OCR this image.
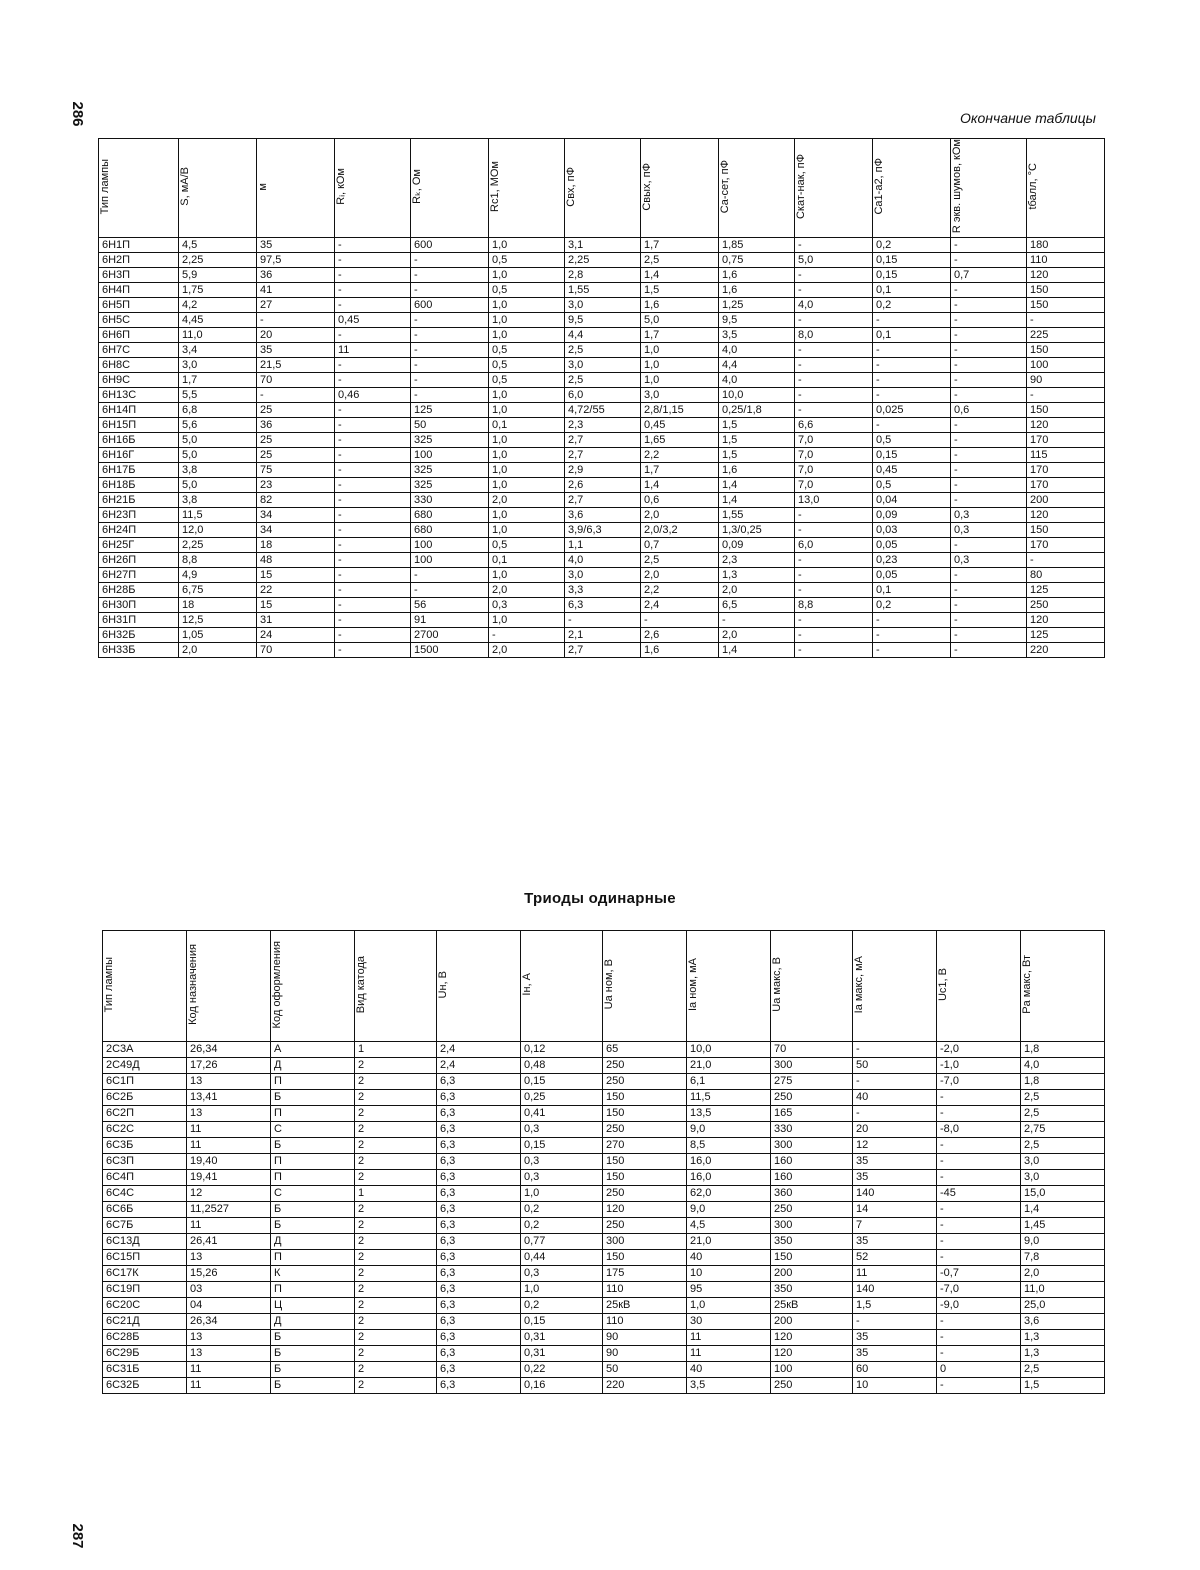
286	Окончание таблицы
Тип лампы	S, мА/В	м	Rᵢ, кОм	Rₖ, Ом	Rс1, МОм	Cвх, пФ	Cвых, пФ	Cа-сет, пФ	Cкат-нак, пФ	Cа1-а2, пФ	R экв. шумов, кОм	tбалл, °С
6Н1П	4,5	35	-	600	1,0	3,1	1,7	1,85	-	0,2	-	180
6Н2П	2,25	97,5	-	-	0,5	2,25	2,5	0,75	5,0	0,15	-	110
6Н3П	5,9	36	-	-	1,0	2,8	1,4	1,6	-	0,15	0,7	120
6Н4П	1,75	41	-	-	0,5	1,55	1,5	1,6	-	0,1	-	150
6Н5П	4,2	27	-	600	1,0	3,0	1,6	1,25	4,0	0,2	-	150
6Н5С	4,45	-	0,45	-	1,0	9,5	5,0	9,5	-	-	-	-
6Н6П	11,0	20	-	-	1,0	4,4	1,7	3,5	8,0	0,1	-	225
6Н7С	3,4	35	11	-	0,5	2,5	1,0	4,0	-	-	-	150
6Н8С	3,0	21,5	-	-	0,5	3,0	1,0	4,4	-	-	-	100
6Н9С	1,7	70	-	-	0,5	2,5	1,0	4,0	-	-	-	90
6Н13С	5,5	-	0,46	-	1,0	6,0	3,0	10,0	-	-	-	-
6Н14П	6,8	25	-	125	1,0	4,72/55	2,8/1,15	0,25/1,8	-	0,025	0,6	150
6Н15П	5,6	36	-	50	0,1	2,3	0,45	1,5	6,6	-	-	120
6Н16Б	5,0	25	-	325	1,0	2,7	1,65	1,5	7,0	0,5	-	170
6Н16Г	5,0	25	-	100	1,0	2,7	2,2	1,5	7,0	0,15	-	115
6Н17Б	3,8	75	-	325	1,0	2,9	1,7	1,6	7,0	0,45	-	170
6Н18Б	5,0	23	-	325	1,0	2,6	1,4	1,4	7,0	0,5	-	170
6Н21Б	3,8	82	-	330	2,0	2,7	0,6	1,4	13,0	0,04	-	200
6Н23П	11,5	34	-	680	1,0	3,6	2,0	1,55	-	0,09	0,3	120
6Н24П	12,0	34	-	680	1,0	3,9/6,3	2,0/3,2	1,3/0,25	-	0,03	0,3	150
6Н25Г	2,25	18	-	100	0,5	1,1	0,7	0,09	6,0	0,05	-	170
6Н26П	8,8	48	-	100	0,1	4,0	2,5	2,3	-	0,23	0,3	-
6Н27П	4,9	15	-	-	1,0	3,0	2,0	1,3	-	0,05	-	80
6Н28Б	6,75	22	-	-	2,0	3,3	2,2	2,0	-	0,1	-	125
6Н30П	18	15	-	56	0,3	6,3	2,4	6,5	8,8	0,2	-	250
6Н31П	12,5	31	-	91	1,0	-	-	-	-	-	-	120
6Н32Б	1,05	24	-	2700	-	2,1	2,6	2,0	-	-	-	125
6Н33Б	2,0	70	-	1500	2,0	2,7	1,6	1,4	-	-	-	220
Триоды одинарные
Тип лампы	Код назначения	Код оформления	Вид катода	Uн, В	Iн, А	Uа ном, В	Iа ном, мА	Uа макс, В	Iа макс, мА	Uс1, В	Pа макс, Вт
2С3А	26,34	А	1	2,4	0,12	65	10,0	70	-	-2,0	1,8
2С49Д	17,26	Д	2	2,4	0,48	250	21,0	300	50	-1,0	4,0
6С1П	13	П	2	6,3	0,15	250	6,1	275	-	-7,0	1,8
6С2Б	13,41	Б	2	6,3	0,25	150	11,5	250	40	-	2,5
6С2П	13	П	2	6,3	0,41	150	13,5	165	-	-	2,5
6С2С	11	С	2	6,3	0,3	250	9,0	330	20	-8,0	2,75
6С3Б	11	Б	2	6,3	0,15	270	8,5	300	12	-	2,5
6С3П	19,40	П	2	6,3	0,3	150	16,0	160	35	-	3,0
6С4П	19,41	П	2	6,3	0,3	150	16,0	160	35	-	3,0
6С4С	12	С	1	6,3	1,0	250	62,0	360	140	-45	15,0
6С6Б	11,2527	Б	2	6,3	0,2	120	9,0	250	14	-	1,4
6С7Б	11	Б	2	6,3	0,2	250	4,5	300	7	-	1,45
6С13Д	26,41	Д	2	6,3	0,77	300	21,0	350	35	-	9,0
6С15П	13	П	2	6,3	0,44	150	40	150	52	-	7,8
6С17К	15,26	К	2	6,3	0,3	175	10	200	11	-0,7	2,0
6С19П	03	П	2	6,3	1,0	110	95	350	140	-7,0	11,0
6С20С	04	Ц	2	6,3	0,2	25кВ	1,0	25кВ	1,5	-9,0	25,0
6С21Д	26,34	Д	2	6,3	0,15	110	30	200	-	-	3,6
6С28Б	13	Б	2	6,3	0,31	90	11	120	35	-	1,3
6С29Б	13	Б	2	6,3	0,31	90	11	120	35	-	1,3
6С31Б	11	Б	2	6,3	0,22	50	40	100	60	0	2,5
6С32Б	11	Б	2	6,3	0,16	220	3,5	250	10	-	1,5
287
